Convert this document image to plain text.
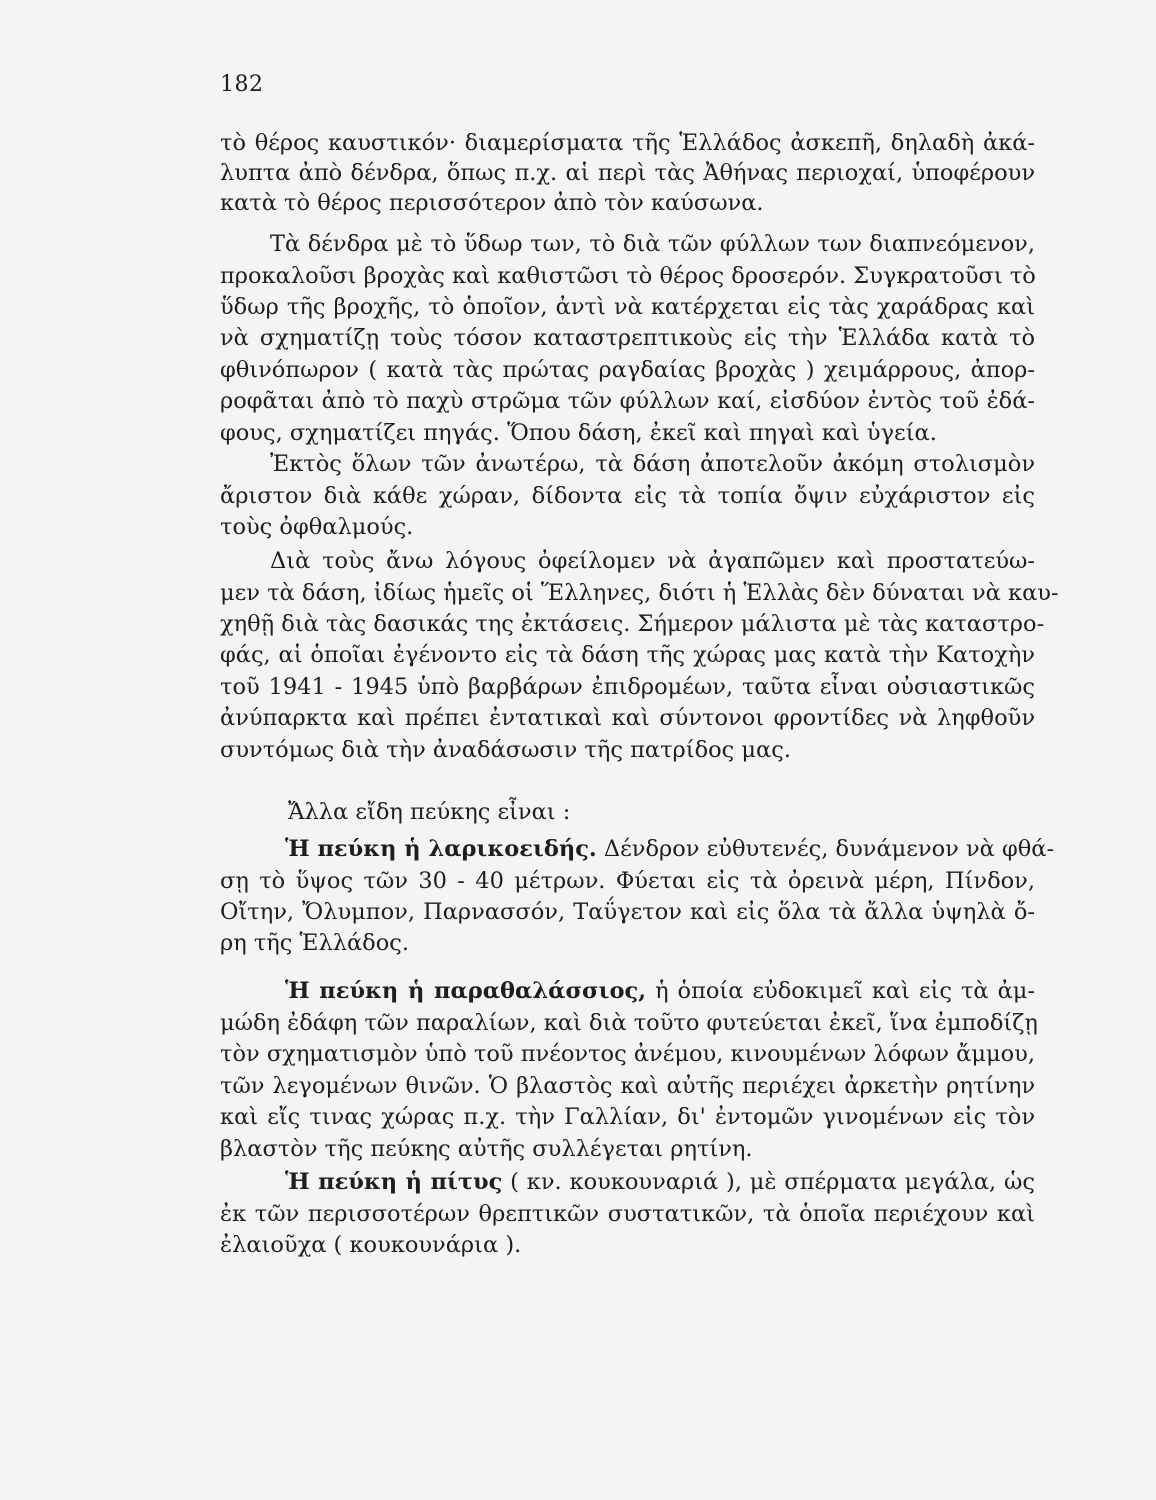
182
τὸ θέρος καυστικόν· διαμερίσματα τῆς Ἑλλάδος ἀσκεπῆ, δηλαδὴ ἀκά-
λυπτα ἀπὸ δένδρα, ὅπως π.χ. αἱ περὶ τὰς Ἀθήνας περιοχαί, ὑποφέρουν
κατὰ τὸ θέρος περισσότερον ἀπὸ τὸν καύσωνα.
Τὰ δένδρα μὲ τὸ ὕδωρ των, τὸ διὰ τῶν φύλλων των διαπνεόμενον,
προκαλοῦσι βροχὰς καὶ καθιστῶσι τὸ θέρος δροσερόν. Συγκρατοῦσι τὸ
ὕδωρ τῆς βροχῆς, τὸ ὁποῖον, ἀντὶ νὰ κατέρχεται εἰς τὰς χαράδρας καὶ
νὰ σχηματίζῃ τοὺς τόσον καταστρεπτικοὺς εἰς τὴν Ἑλλάδα κατὰ τὸ
φθινόπωρον ( κατὰ τὰς πρώτας ραγδαίας βροχὰς ) χειμάρρους, ἀπορ-
ροφᾶται ἀπὸ τὸ παχὺ στρῶμα τῶν φύλλων καί, εἰσδύον ἐντὸς τοῦ ἐδά-
φους, σχηματίζει πηγάς. Ὅπου δάση, ἐκεῖ καὶ πηγαὶ καὶ ὑγεία.
Ἐκτὸς ὅλων τῶν ἀνωτέρω, τὰ δάση ἀποτελοῦν ἀκόμη στολισμὸν
ἄριστον διὰ κάθε χώραν, δίδοντα εἰς τὰ τοπία ὄψιν εὐχάριστον εἰς
τοὺς ὀφθαλμούς.
Διὰ τοὺς ἄνω λόγους ὀφείλομεν νὰ ἀγαπῶμεν καὶ προστατεύω-
μεν τὰ δάση, ἰδίως ἡμεῖς οἱ Ἕλληνες, διότι ἡ Ἑλλὰς δὲν δύναται νὰ καυ-
χηθῇ διὰ τὰς δασικάς της ἐκτάσεις. Σήμερον μάλιστα μὲ τὰς καταστρο-
φάς, αἱ ὁποῖαι ἐγένοντο εἰς τὰ δάση τῆς χώρας μας κατὰ τὴν Κατοχὴν
τοῦ 1941 - 1945 ὑπὸ βαρβάρων ἐπιδρομέων, ταῦτα εἶναι οὐσιαστικῶς
ἀνύπαρκτα καὶ πρέπει ἐντατικαὶ καὶ σύντονοι φροντίδες νὰ ληφθοῦν
συντόμως διὰ τὴν ἀναδάσωσιν τῆς πατρίδος μας.
Ἄλλα εἴδη πεύκης εἶναι :
Ἡ πεύκη ἡ λαρικοειδής. Δένδρον εὐθυτενές, δυνάμενον νὰ φθά-
σῃ τὸ ὕψος τῶν 30 - 40 μέτρων. Φύεται εἰς τὰ ὀρεινὰ μέρη, Πίνδον,
Οἴτην, Ὄλυμπον, Παρνασσόν, Ταΰγετον καὶ εἰς ὅλα τὰ ἄλλα ὑψηλὰ ὄ-
ρη τῆς Ἑλλάδος.
Ἡ πεύκη ἡ παραθαλάσσιος, ἡ ὁποία εὐδοκιμεῖ καὶ εἰς τὰ ἀμ-
μώδη ἐδάφη τῶν παραλίων, καὶ διὰ τοῦτο φυτεύεται ἐκεῖ, ἵνα ἐμποδίζῃ
τὸν σχηματισμὸν ὑπὸ τοῦ πνέοντος ἀνέμου, κινουμένων λόφων ἄμμου,
τῶν λεγομένων θινῶν. Ὁ βλαστὸς καὶ αὐτῆς περιέχει ἀρκετὴν ρητίνην
καὶ εἴς τινας χώρας π.χ. τὴν Γαλλίαν, δι' ἐντομῶν γινομένων εἰς τὸν
βλαστὸν τῆς πεύκης αὐτῆς συλλέγεται ρητίνη.
Ἡ πεύκη ἡ πίτυς ( κν. κουκουναριά ), μὲ σπέρματα μεγάλα, ὡς
ἐκ τῶν περισσοτέρων θρεπτικῶν συστατικῶν, τὰ ὁποῖα περιέχουν καὶ
ἐλαιοῦχα ( κουκουνάρια ).
